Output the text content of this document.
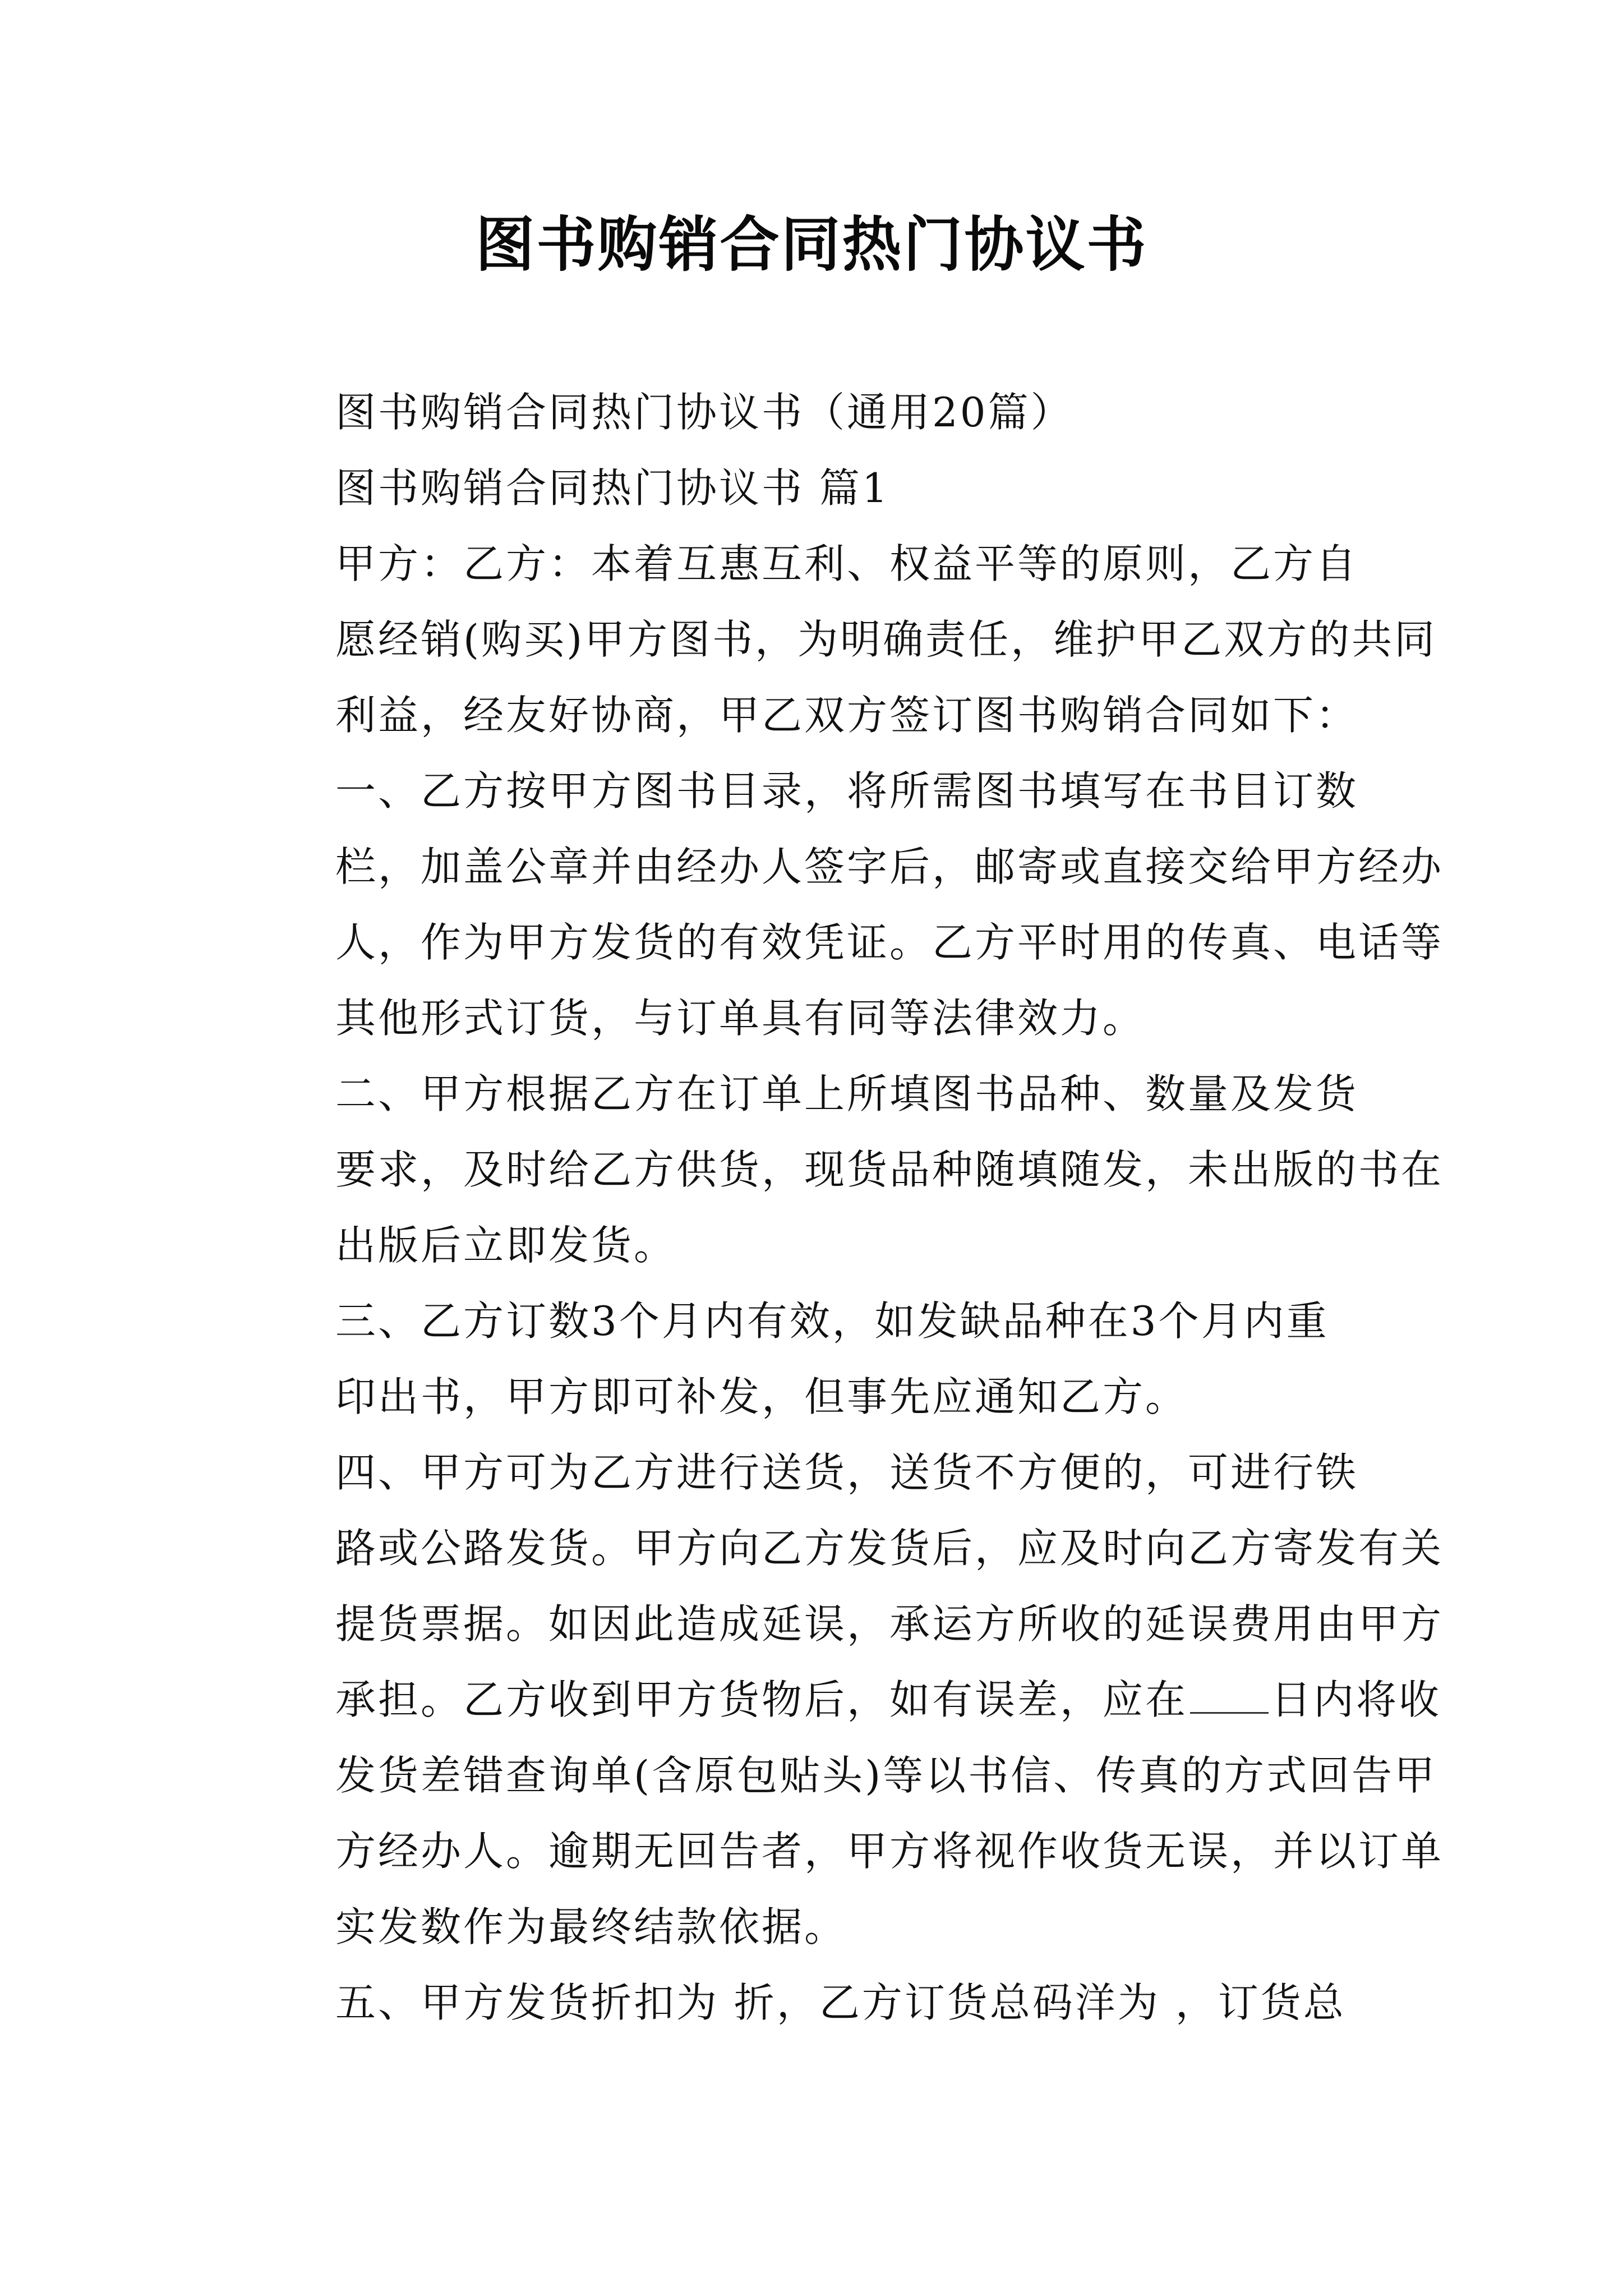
图书购销合同热门协议书

图书购销合同热门协议书（通用20篇）

图书购销合同热门协议书 篇1

甲方：乙方：本着互惠互利、权益平等的原则，乙方自
愿经销(购买)甲方图书，为明确责任，维护甲乙双方的共同
利益，经友好协商，甲乙双方签订图书购销合同如下：

一、乙方按甲方图书目录，将所需图书填写在书目订数
栏，加盖公章并由经办人签字后，邮寄或直接交给甲方经办
人，作为甲方发货的有效凭证。乙方平时用的传真、电话等
其他形式订货，与订单具有同等法律效力。

二、甲方根据乙方在订单上所填图书品种、数量及发货
要求，及时给乙方供货，现货品种随填随发，未出版的书在
出版后立即发货。

三、乙方订数3个月内有效，如发缺品种在3个月内重
印出书，甲方即可补发，但事先应通知乙方。

四、甲方可为乙方进行送货，送货不方便的，可进行铁
路或公路发货。甲方向乙方发货后，应及时向乙方寄发有关
提货票据。如因此造成延误，承运方所收的延误费用由甲方
承担。乙方收到甲方货物后，如有误差，应在 日内将收
发货差错查询单(含原包贴头)等以书信、传真的方式回告甲
方经办人。逾期无回告者，甲方将视作收货无误，并以订单
实发数作为最终结款依据。

五、甲方发货折扣为 折，乙方订货总码洋为 ，订货总
